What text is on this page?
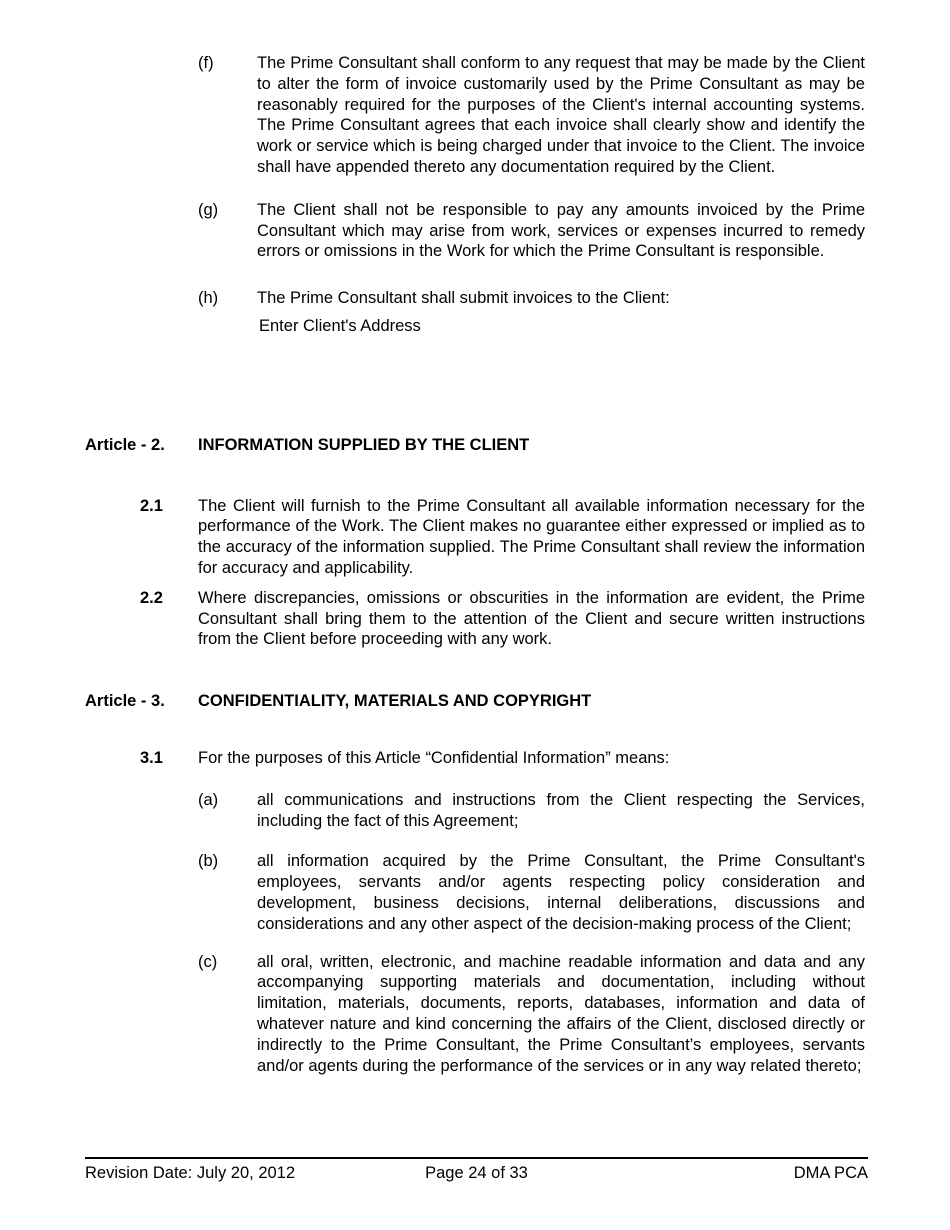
(f)	The Prime Consultant shall conform to any request that may be made by the Client to alter the form of invoice customarily used by the Prime Consultant as may be reasonably required for the purposes of the Client's internal accounting systems. The Prime Consultant agrees that each invoice shall clearly show and identify the work or service which is being charged under that invoice to the Client. The invoice shall have appended thereto any documentation required by the Client.
(g)	The Client shall not be responsible to pay any amounts invoiced by the Prime Consultant which may arise from work, services or expenses incurred to remedy errors or omissions in the Work for which the Prime Consultant is responsible.
(h)	The Prime Consultant shall submit invoices to the Client:
Enter Client's Address
Article - 2.	INFORMATION SUPPLIED BY THE CLIENT
2.1	The Client will furnish to the Prime Consultant all available information necessary for the performance of the Work. The Client makes no guarantee either expressed or implied as to the accuracy of the information supplied. The Prime Consultant shall review the information for accuracy and applicability.
2.2	Where discrepancies, omissions or obscurities in the information are evident, the Prime Consultant shall bring them to the attention of the Client and secure written instructions from the Client before proceeding with any work.
Article - 3.	CONFIDENTIALITY, MATERIALS AND COPYRIGHT
3.1	For the purposes of this Article “Confidential Information” means:
(a)	all communications and instructions from the Client respecting the Services, including the fact of this Agreement;
(b)	all information acquired by the Prime Consultant, the Prime Consultant's employees, servants and/or agents respecting policy consideration and development, business decisions, internal deliberations, discussions and considerations and any other aspect of the decision-making process of the Client;
(c)	all oral, written, electronic, and machine readable information and data and any accompanying supporting materials and documentation, including without limitation, materials, documents, reports, databases, information and data of whatever nature and kind concerning the affairs of the Client, disclosed directly or indirectly to the Prime Consultant, the Prime Consultant’s employees, servants and/or agents during the performance of the services or in any way related thereto;
Revision Date: July 20, 2012	Page 24 of 33	DMA PCA
